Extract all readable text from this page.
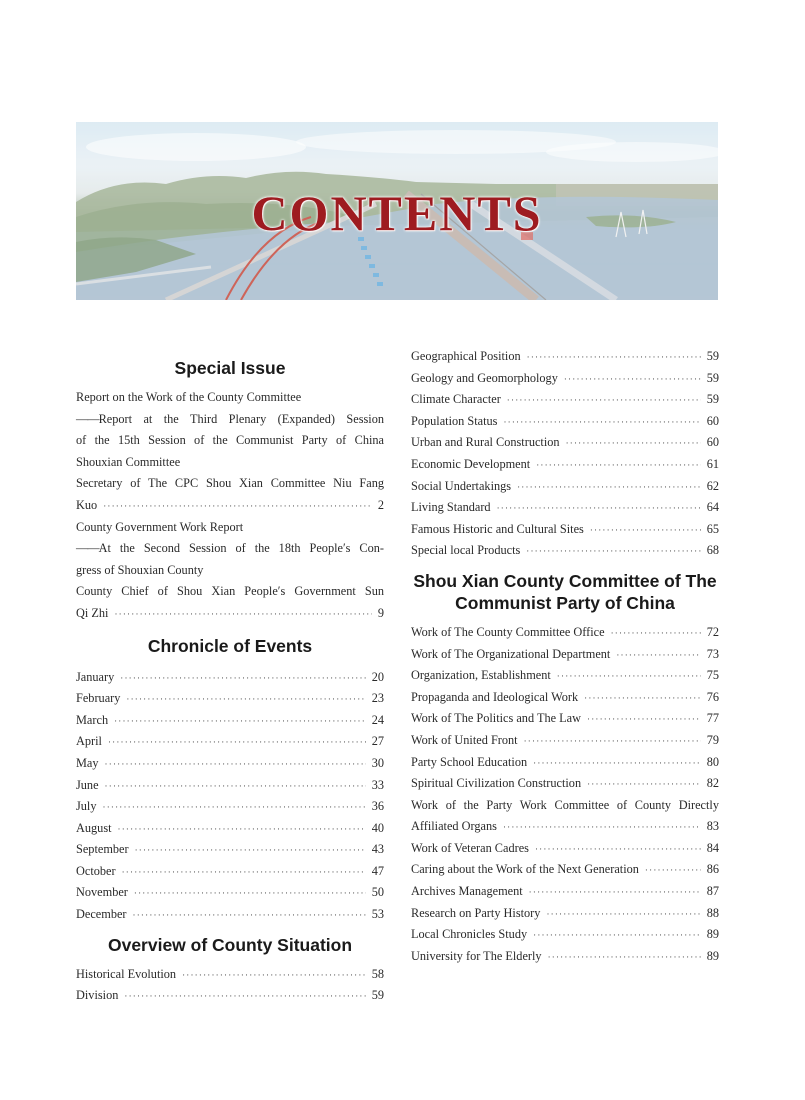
CONTENTS
Special Issue
Report on the Work of the County Committee
——Report at the Third Plenary (Expanded) Session
of the 15th Session of the Communist Party of China
Shouxian Committee
Secretary of The CPC Shou Xian Committee Niu Fang
Kuo ·····	2
County Government Work Report
——At the Second Session of the 18th People′s Con-
gress of Shouxian County
County Chief of Shou Xian People′s Government Sun
Qi Zhi ·····	9
Chronicle of Events
January ·····	20
February ·····	23
March ·····	24
April ·····	27
May ·····	30
June ·····	33
July ·····	36
August ·····	40
September ·····	43
October ·····	47
November ·····	50
December ·····	53
Overview of County Situation
Historical Evolution ·····	58
Division ·····	59
Geographical Position ·····	59
Geology and Geomorphology ·····	59
Climate Character ·····	59
Population Status ·····	60
Urban and Rural Construction ·····	60
Economic Development ·····	61
Social Undertakings ·····	62
Living Standard ·····	64
Famous Historic and Cultural Sites ·····	65
Special local Products ·····	68
Shou Xian County Committee of The
Communist Party of China
Work of The County Committee Office ·····	72
Work of The Organizational Department ·····	73
Organization, Establishment ·····	75
Propaganda and Ideological Work ·····	76
Work of The Politics and The Law ·····	77
Work of United Front ·····	79
Party School Education ·····	80
Spiritual Civilization Construction ·····	82
Work of the Party Work Committee of County Directly
Affiliated Organs ·····	83
Work of Veteran Cadres ·····	84
Caring about the Work of the Next Generation ·····	86
Archives Management ·····	87
Research on Party History ·····	88
Local Chronicles Study ·····	89
University for The Elderly ·····	89
